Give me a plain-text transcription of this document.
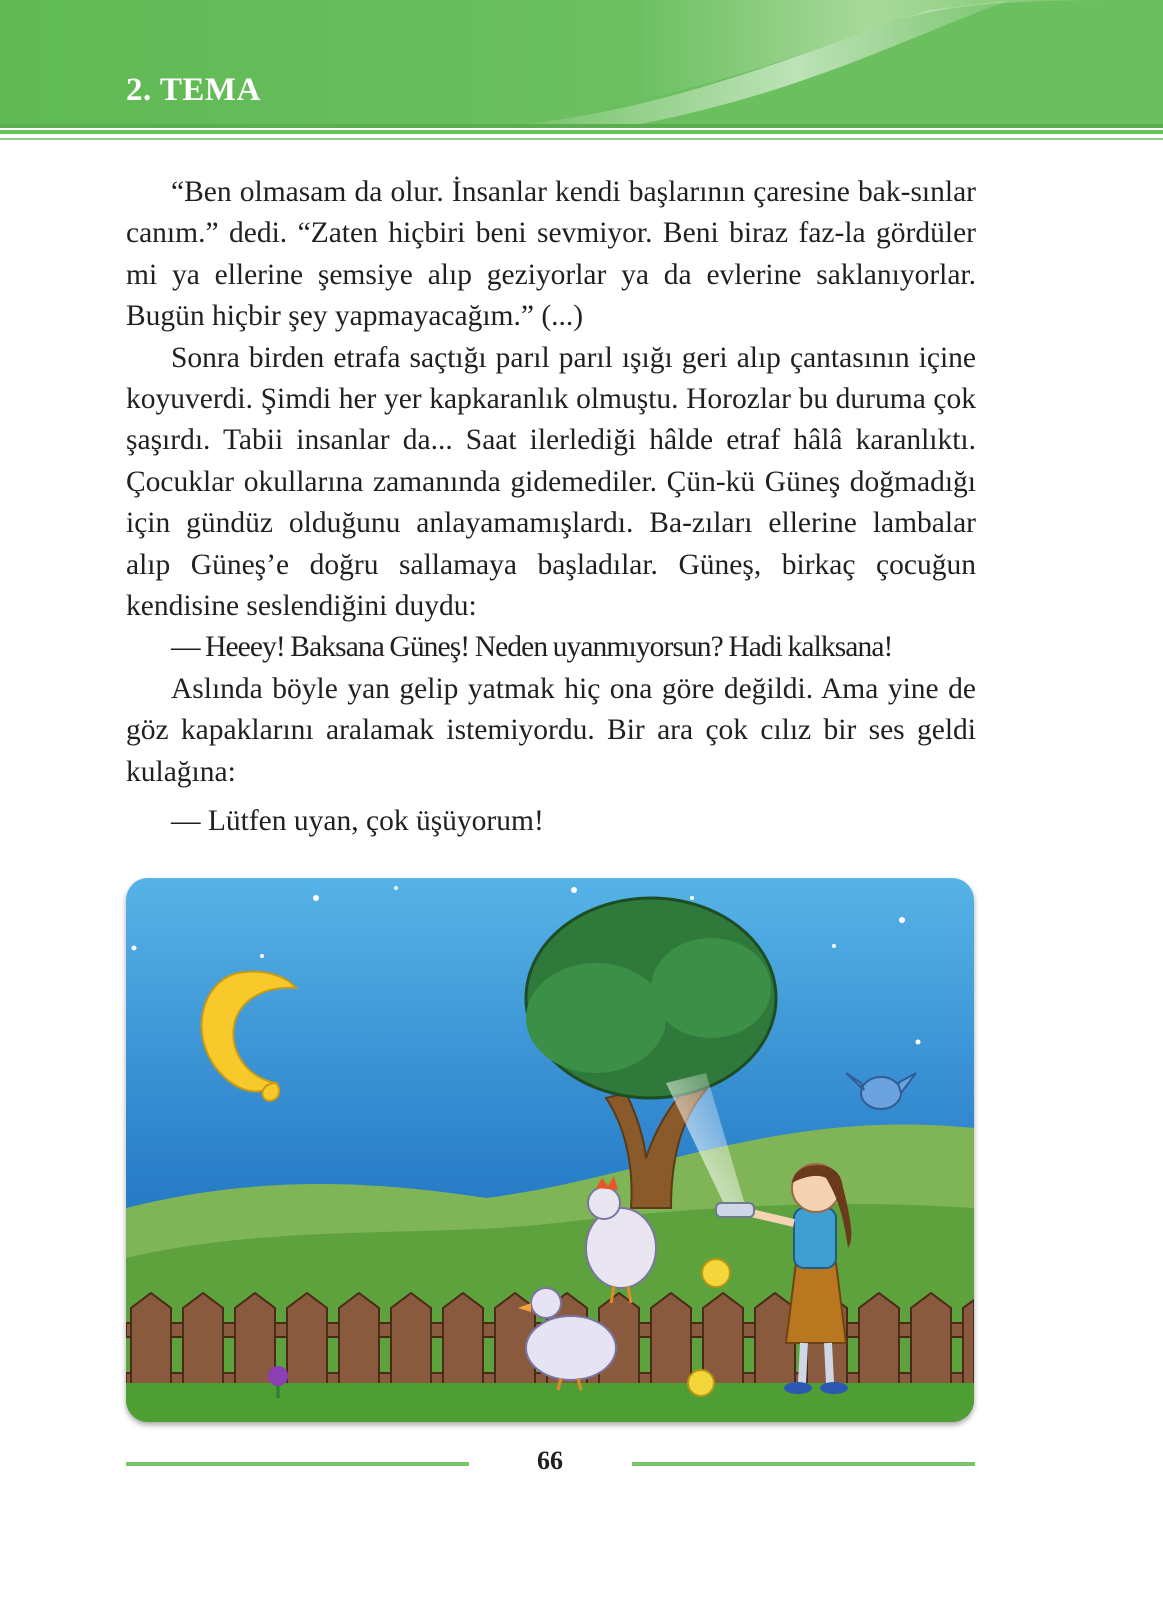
2. TEMA

“Ben olmasam da olur. İnsanlar kendi başlarının çaresine bak-sınlar canım.” dedi. “Zaten hiçbiri beni sevmiyor. Beni biraz faz-la gördüler mi ya ellerine şemsiye alıp geziyorlar ya da evlerine saklanıyorlar. Bugün hiçbir şey yapmayacağım.” (...)

Sonra birden etrafa saçtığı parıl parıl ışığı geri alıp çantasının içine koyuverdi. Şimdi her yer kapkaranlık olmuştu. Horozlar bu duruma çok şaşırdı. Tabii insanlar da... Saat ilerlediği hâlde etraf hâlâ karanlıktı. Çocuklar okullarına zamanında gidemediler. Çün-kü Güneş doğmadığı için gündüz olduğunu anlayamamışlardı. Ba-zıları ellerine lambalar alıp Güneş’e doğru sallamaya başladılar. Güneş, birkaç çocuğun kendisine seslendiğini duydu:

— Heeey! Baksana Güneş! Neden uyanmıyorsun? Hadi kalksana!

Aslında böyle yan gelip yatmak hiç ona göre değildi. Ama yine de göz kapaklarını aralamak istemiyordu. Bir ara çok cılız bir ses geldi kulağına:

— Lütfen uyan, çok üşüyorum!

66
